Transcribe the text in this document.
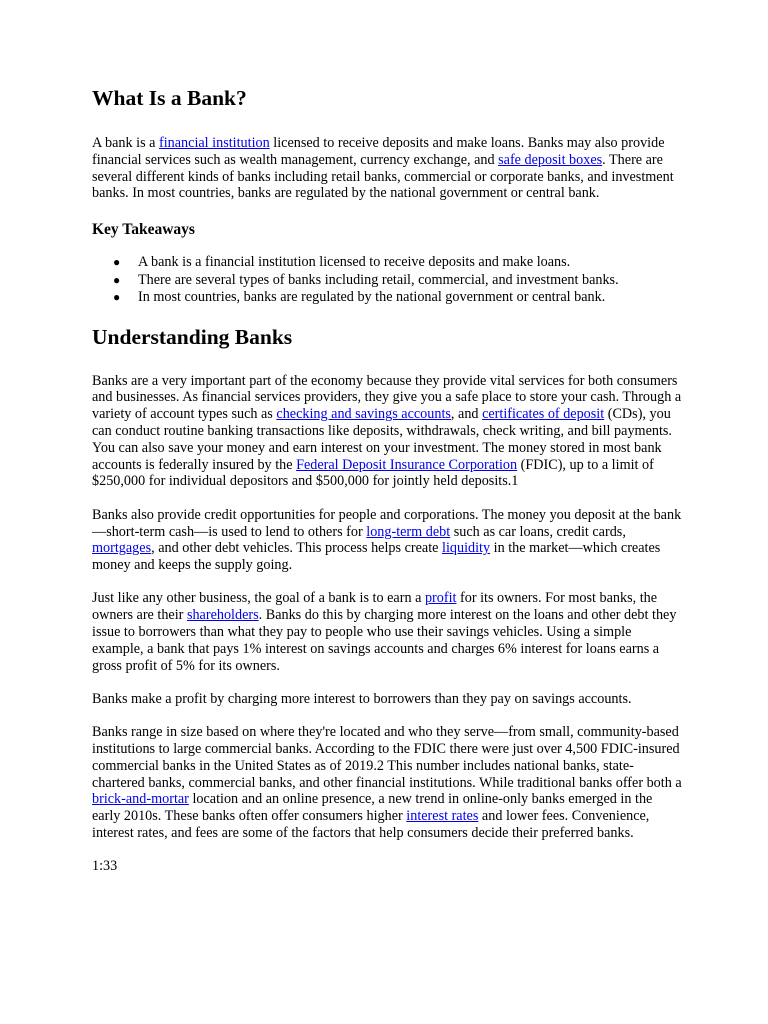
What Is a Bank?

A bank is a financial institution licensed to receive deposits and make loans. Banks may also provide financial services such as wealth management, currency exchange, and safe deposit boxes. There are several different kinds of banks including retail banks, commercial or corporate banks, and investment banks. In most countries, banks are regulated by the national government or central bank.

Key Takeaways
● A bank is a financial institution licensed to receive deposits and make loans.
● There are several types of banks including retail, commercial, and investment banks.
● In most countries, banks are regulated by the national government or central bank.
Understanding Banks

Banks are a very important part of the economy because they provide vital services for both consumers and businesses. As financial services providers, they give you a safe place to store your cash. Through a variety of account types such as checking and savings accounts, and certificates of deposit (CDs), you can conduct routine banking transactions like deposits, withdrawals, check writing, and bill payments. You can also save your money and earn interest on your investment. The money stored in most bank accounts is federally insured by the Federal Deposit Insurance Corporation (FDIC), up to a limit of $250,000 for individual depositors and $500,000 for jointly held deposits.1

Banks also provide credit opportunities for people and corporations. The money you deposit at the bank—short-term cash—is used to lend to others for long-term debt such as car loans, credit cards, mortgages, and other debt vehicles. This process helps create liquidity in the market—which creates money and keeps the supply going.

Just like any other business, the goal of a bank is to earn a profit for its owners. For most banks, the owners are their shareholders. Banks do this by charging more interest on the loans and other debt they issue to borrowers than what they pay to people who use their savings vehicles. Using a simple example, a bank that pays 1% interest on savings accounts and charges 6% interest for loans earns a gross profit of 5% for its owners.

Banks make a profit by charging more interest to borrowers than they pay on savings accounts.

Banks range in size based on where they're located and who they serve—from small, community-based institutions to large commercial banks. According to the FDIC there were just over 4,500 FDIC-insured commercial banks in the United States as of 2019.2 This number includes national banks, state-chartered banks, commercial banks, and other financial institutions. While traditional banks offer both a brick-and-mortar location and an online presence, a new trend in online-only banks emerged in the early 2010s. These banks often offer consumers higher interest rates and lower fees. Convenience, interest rates, and fees are some of the factors that help consumers decide their preferred banks.

1:33
